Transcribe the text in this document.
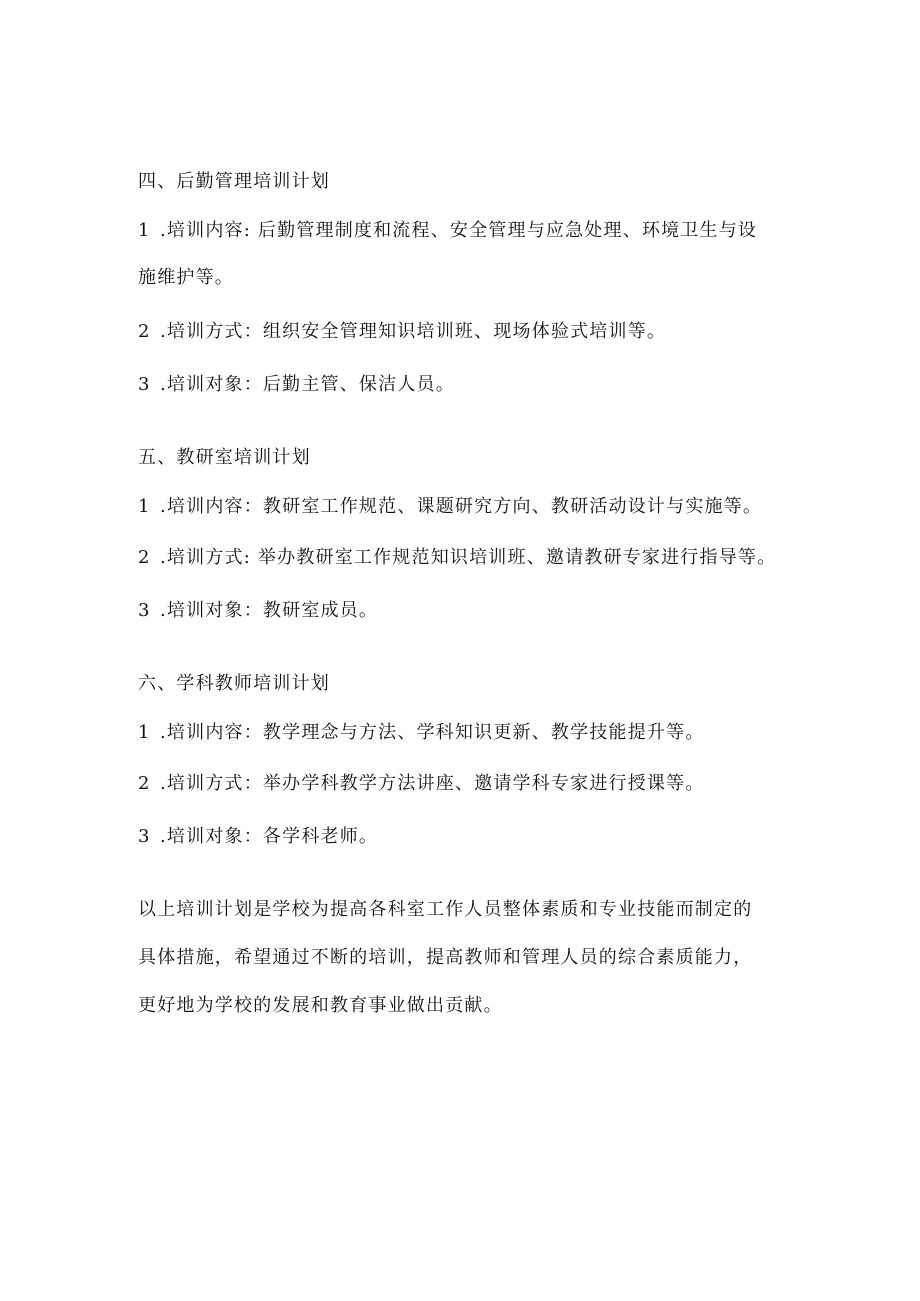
四、后勤管理培训计划
1 .培训内容: 后勤管理制度和流程、安全管理与应急处理、环境卫生与设
施维护等。
2 .培训方式：组织安全管理知识培训班、现场体验式培训等。
3 .培训对象：后勤主管、保洁人员。
五、教研室培训计划
1 .培训内容：教研室工作规范、课题研究方向、教研活动设计与实施等。
2 .培训方式: 举办教研室工作规范知识培训班、邀请教研专家进行指导等。
3 .培训对象：教研室成员。
六、学科教师培训计划
1 .培训内容：教学理念与方法、学科知识更新、教学技能提升等。
2 .培训方式：举办学科教学方法讲座、邀请学科专家进行授课等。
3 .培训对象：各学科老师。
以上培训计划是学校为提高各科室工作人员整体素质和专业技能而制定的
具体措施，希望通过不断的培训，提高教师和管理人员的综合素质能力，
更好地为学校的发展和教育事业做出贡献。
